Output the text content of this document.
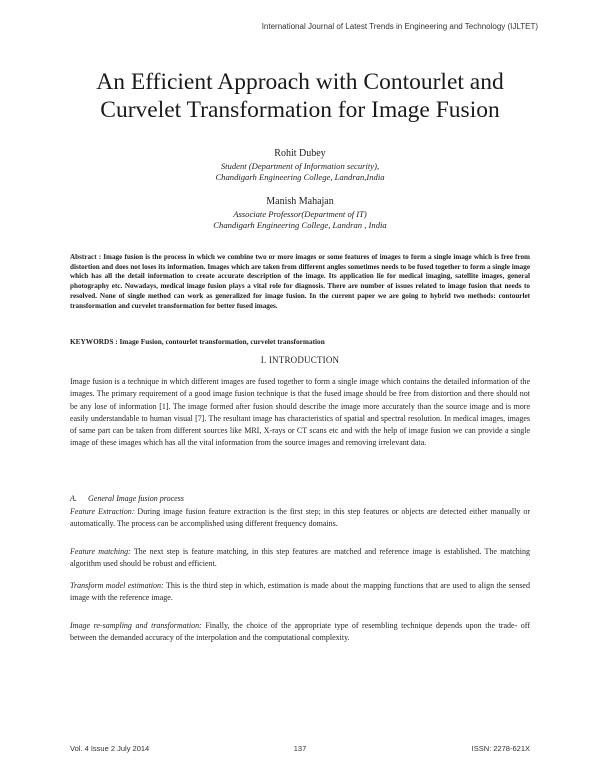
International Journal of Latest Trends in Engineering and Technology (IJLTET)
An Efficient Approach with Contourlet and
Curvelet Transformation for Image Fusion
Rohit Dubey
Student (Department of Information security),
Chandigarh Engineering College, Landran,India
Manish Mahajan
Associate Professor(Department of IT)
Chandigarh Engineering College, Landran , India
Abstract : Image fusion is the process in which we combine two or more images or some features of images to form a single image which is free from distortion and does not loses its information. Images which are taken from different angles sometimes needs to be fused together to form a single image which has all the detail information to create accurate description of the image. Its application lie for medical imaging, satellite images, general photography etc. Nowadays, medical image fusion plays a vital role for diagnosis. There are number of issues related to image fusion that needs to resolved. None of single method can work as generalized for image fusion. In the current paper we are going to hybrid two methods: contourlet transformation and curvelet transformation for better fused images.
KEYWORDS : Image Fusion, contourlet transformation, curvelet transformation
I. INTRODUCTION
Image fusion is a technique in which different images are fused together to form a single image which contains the detailed information of the images. The primary requirement of a good image fusion technique is that the fused image should be free from distortion and there should not be any lose of information [1]. The image formed after fusion should describe the image more accurately than the source image and is more easily understandable to human visual [7]. The resultant image has characteristics of spatial and spectral resolution. In medical images, images of same part can be taken from different sources like MRI, X-rays or CT scans etc and with the help of image fusion we can provide a single image of these images which has all the vital information from the source images and removing irrelevant data.
A. General Image fusion process
Feature Extraction: During image fusion feature extraction is the first step; in this step features or objects are detected either manually or automatically. The process can be accomplished using different frequency domains.
Feature matching: The next step is feature matching, in this step features are matched and reference image is established. The matching algorithm used should be robust and efficient.
Transform model estimation: This is the third step in which, estimation is made about the mapping functions that are used to align the sensed image with the reference image.
Image re-sampling and transformation: Finally, the choice of the appropriate type of resembling technique depends upon the trade- off between the demanded accuracy of the interpolation and the computational complexity.
Vol. 4 Issue 2 July 2014	137	ISSN: 2278-621X
